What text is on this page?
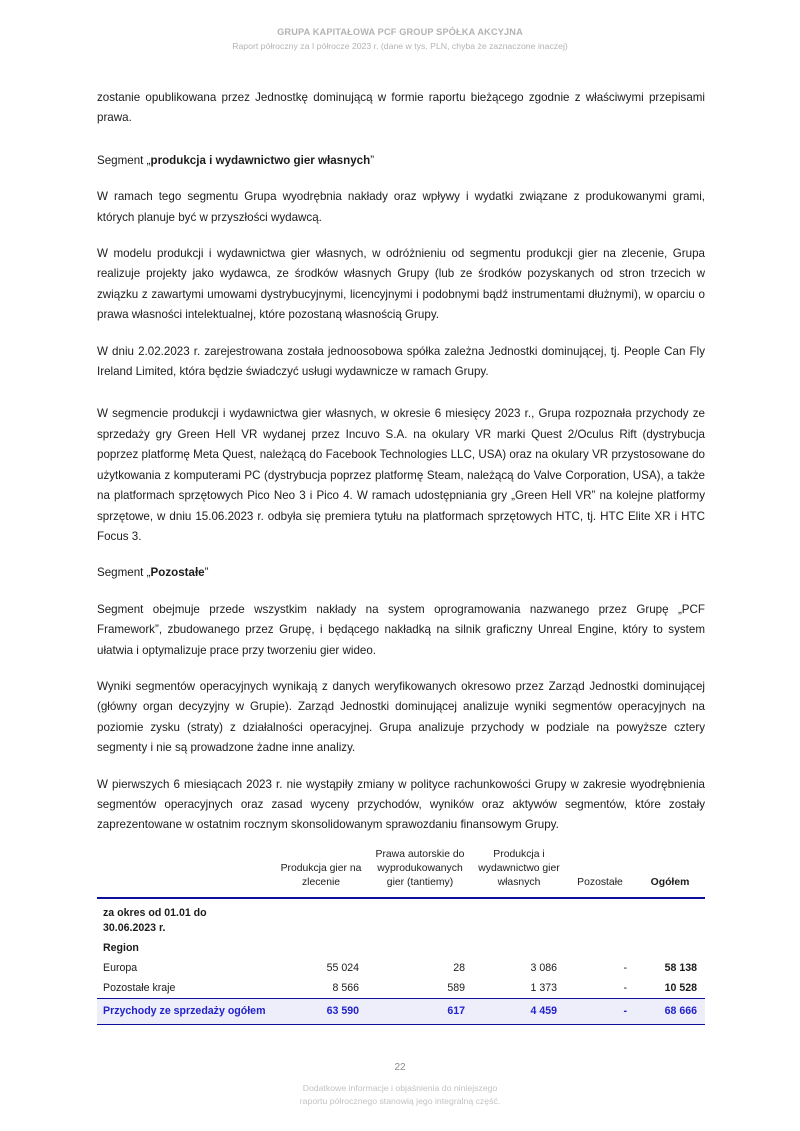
GRUPA KAPITAŁOWA PCF GROUP SPÓŁKA AKCYJNA
Raport półroczny za I półrocze 2023 r. (dane w tys. PLN, chyba że zaznaczone inaczej)

zostanie opublikowana przez Jednostkę dominującą w formie raportu bieżącego zgodnie z właściwymi przepisami prawa.

Segment „produkcja i wydawnictwo gier własnych”

W ramach tego segmentu Grupa wyodrębnia nakłady oraz wpływy i wydatki związane z produkowanymi grami, których planuje być w przyszłości wydawcą.

W modelu produkcji i wydawnictwa gier własnych, w odróżnieniu od segmentu produkcji gier na zlecenie, Grupa realizuje projekty jako wydawca, ze środków własnych Grupy (lub ze środków pozyskanych od stron trzecich w związku z zawartymi umowami dystrybucyjnymi, licencyjnymi i podobnymi bądź instrumentami dłużnymi), w oparciu o prawa własności intelektualnej, które pozostaną własnością Grupy.

W dniu 2.02.2023 r. zarejestrowana została jednoosobowa spółka zależna Jednostki dominującej, tj. People Can Fly Ireland Limited, która będzie świadczyć usługi wydawnicze w ramach Grupy.

W segmencie produkcji i wydawnictwa gier własnych, w okresie 6 miesięcy 2023 r., Grupa rozpoznała przychody ze sprzedaży gry Green Hell VR wydanej przez Incuvo S.A. na okulary VR marki Quest 2/Oculus Rift (dystrybucja poprzez platformę Meta Quest, należącą do Facebook Technologies LLC, USA) oraz na okulary VR przystosowane do użytkowania z komputerami PC (dystrybucja poprzez platformę Steam, należącą do Valve Corporation, USA), a także na platformach sprzętowych Pico Neo 3 i Pico 4. W ramach udostępniania gry „Green Hell VR” na kolejne platformy sprzętowe, w dniu 15.06.2023 r. odbyła się premiera tytułu na platformach sprzętowych HTC, tj. HTC Elite XR i HTC Focus 3.

Segment „Pozostałe”

Segment obejmuje przede wszystkim nakłady na system oprogramowania nazwanego przez Grupę „PCF Framework”, zbudowanego przez Grupę, i będącego nakładką na silnik graficzny Unreal Engine, który to system ułatwia i optymalizuje prace przy tworzeniu gier wideo.

Wyniki segmentów operacyjnych wynikają z danych weryfikowanych okresowo przez Zarząd Jednostki dominującej (główny organ decyzyjny w Grupie). Zarząd Jednostki dominującej analizuje wyniki segmentów operacyjnych na poziomie zysku (straty) z działalności operacyjnej. Grupa analizuje przychody w podziale na powyższe cztery segmenty i nie są prowadzone żadne inne analizy.

W pierwszych 6 miesiącach 2023 r. nie wystąpiły zmiany w polityce rachunkowości Grupy w zakresie wyodrębnienia segmentów operacyjnych oraz zasad wyceny przychodów, wyników oraz aktywów segmentów, które zostały zaprezentowane w ostatnim rocznym skonsolidowanym sprawozdaniu finansowym Grupy.

	Produkcja gier na zlecenie	Prawa autorskie do wyprodukowanych gier (tantiemy)	Produkcja i wydawnictwo gier własnych	Pozostałe	Ogółem
za okres od 01.01 do
30.06.2023 r.					
Region					
Europa	55 024	28	3 086	-	58 138
Pozostałe kraje	8 566	589	1 373	-	10 528
Przychody ze sprzedaży ogółem	63 590	617	4 459	-	68 666
22
Dodatkowe informacje i objaśnienia do niniejszego
raportu półrocznego stanowią jego integralną część.
